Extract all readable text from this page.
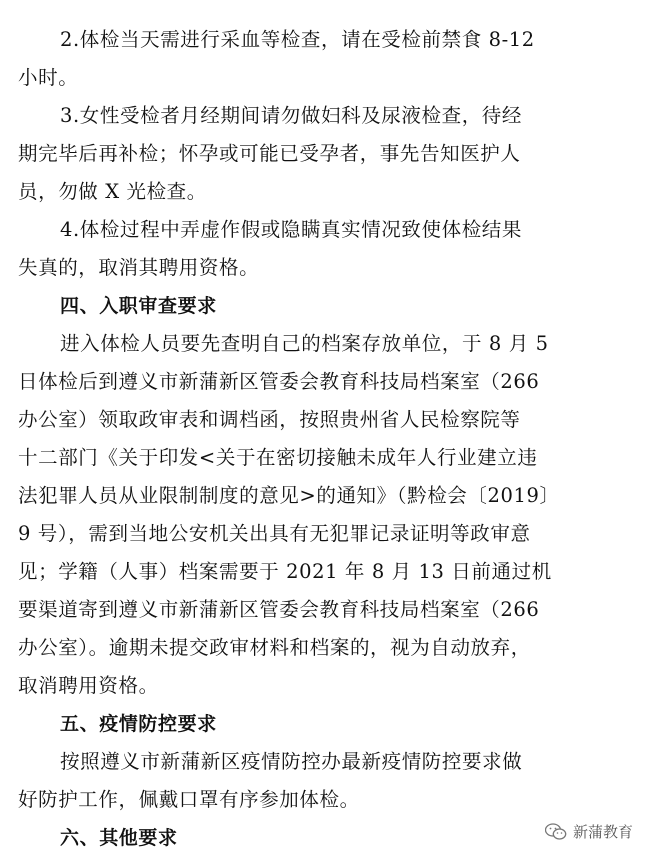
2.体检当天需进行采血等检查，请在受检前禁食 8-12
小时。
3.女性受检者月经期间请勿做妇科及尿液检查，待经
期完毕后再补检；怀孕或可能已受孕者，事先告知医护人
员，勿做 X 光检查。
4.体检过程中弄虚作假或隐瞒真实情况致使体检结果
失真的，取消其聘用资格。
四、入职审查要求
进入体检人员要先查明自己的档案存放单位，于 8 月 5
日体检后到遵义市新蒲新区管委会教育科技局档案室（266
办公室）领取政审表和调档函，按照贵州省人民检察院等
十二部门《关于印发<关于在密切接触未成年人行业建立违
法犯罪人员从业限制制度的意见>的通知》（黔检会〔2019〕
9 号），需到当地公安机关出具有无犯罪记录证明等政审意
见；学籍（人事）档案需要于 2021 年 8 月 13 日前通过机
要渠道寄到遵义市新蒲新区管委会教育科技局档案室（266
办公室）。逾期未提交政审材料和档案的，视为自动放弃，
取消聘用资格。
五、疫情防控要求
按照遵义市新蒲新区疫情防控办最新疫情防控要求做
好防护工作，佩戴口罩有序参加体检。
六、其他要求	新蒲教育
